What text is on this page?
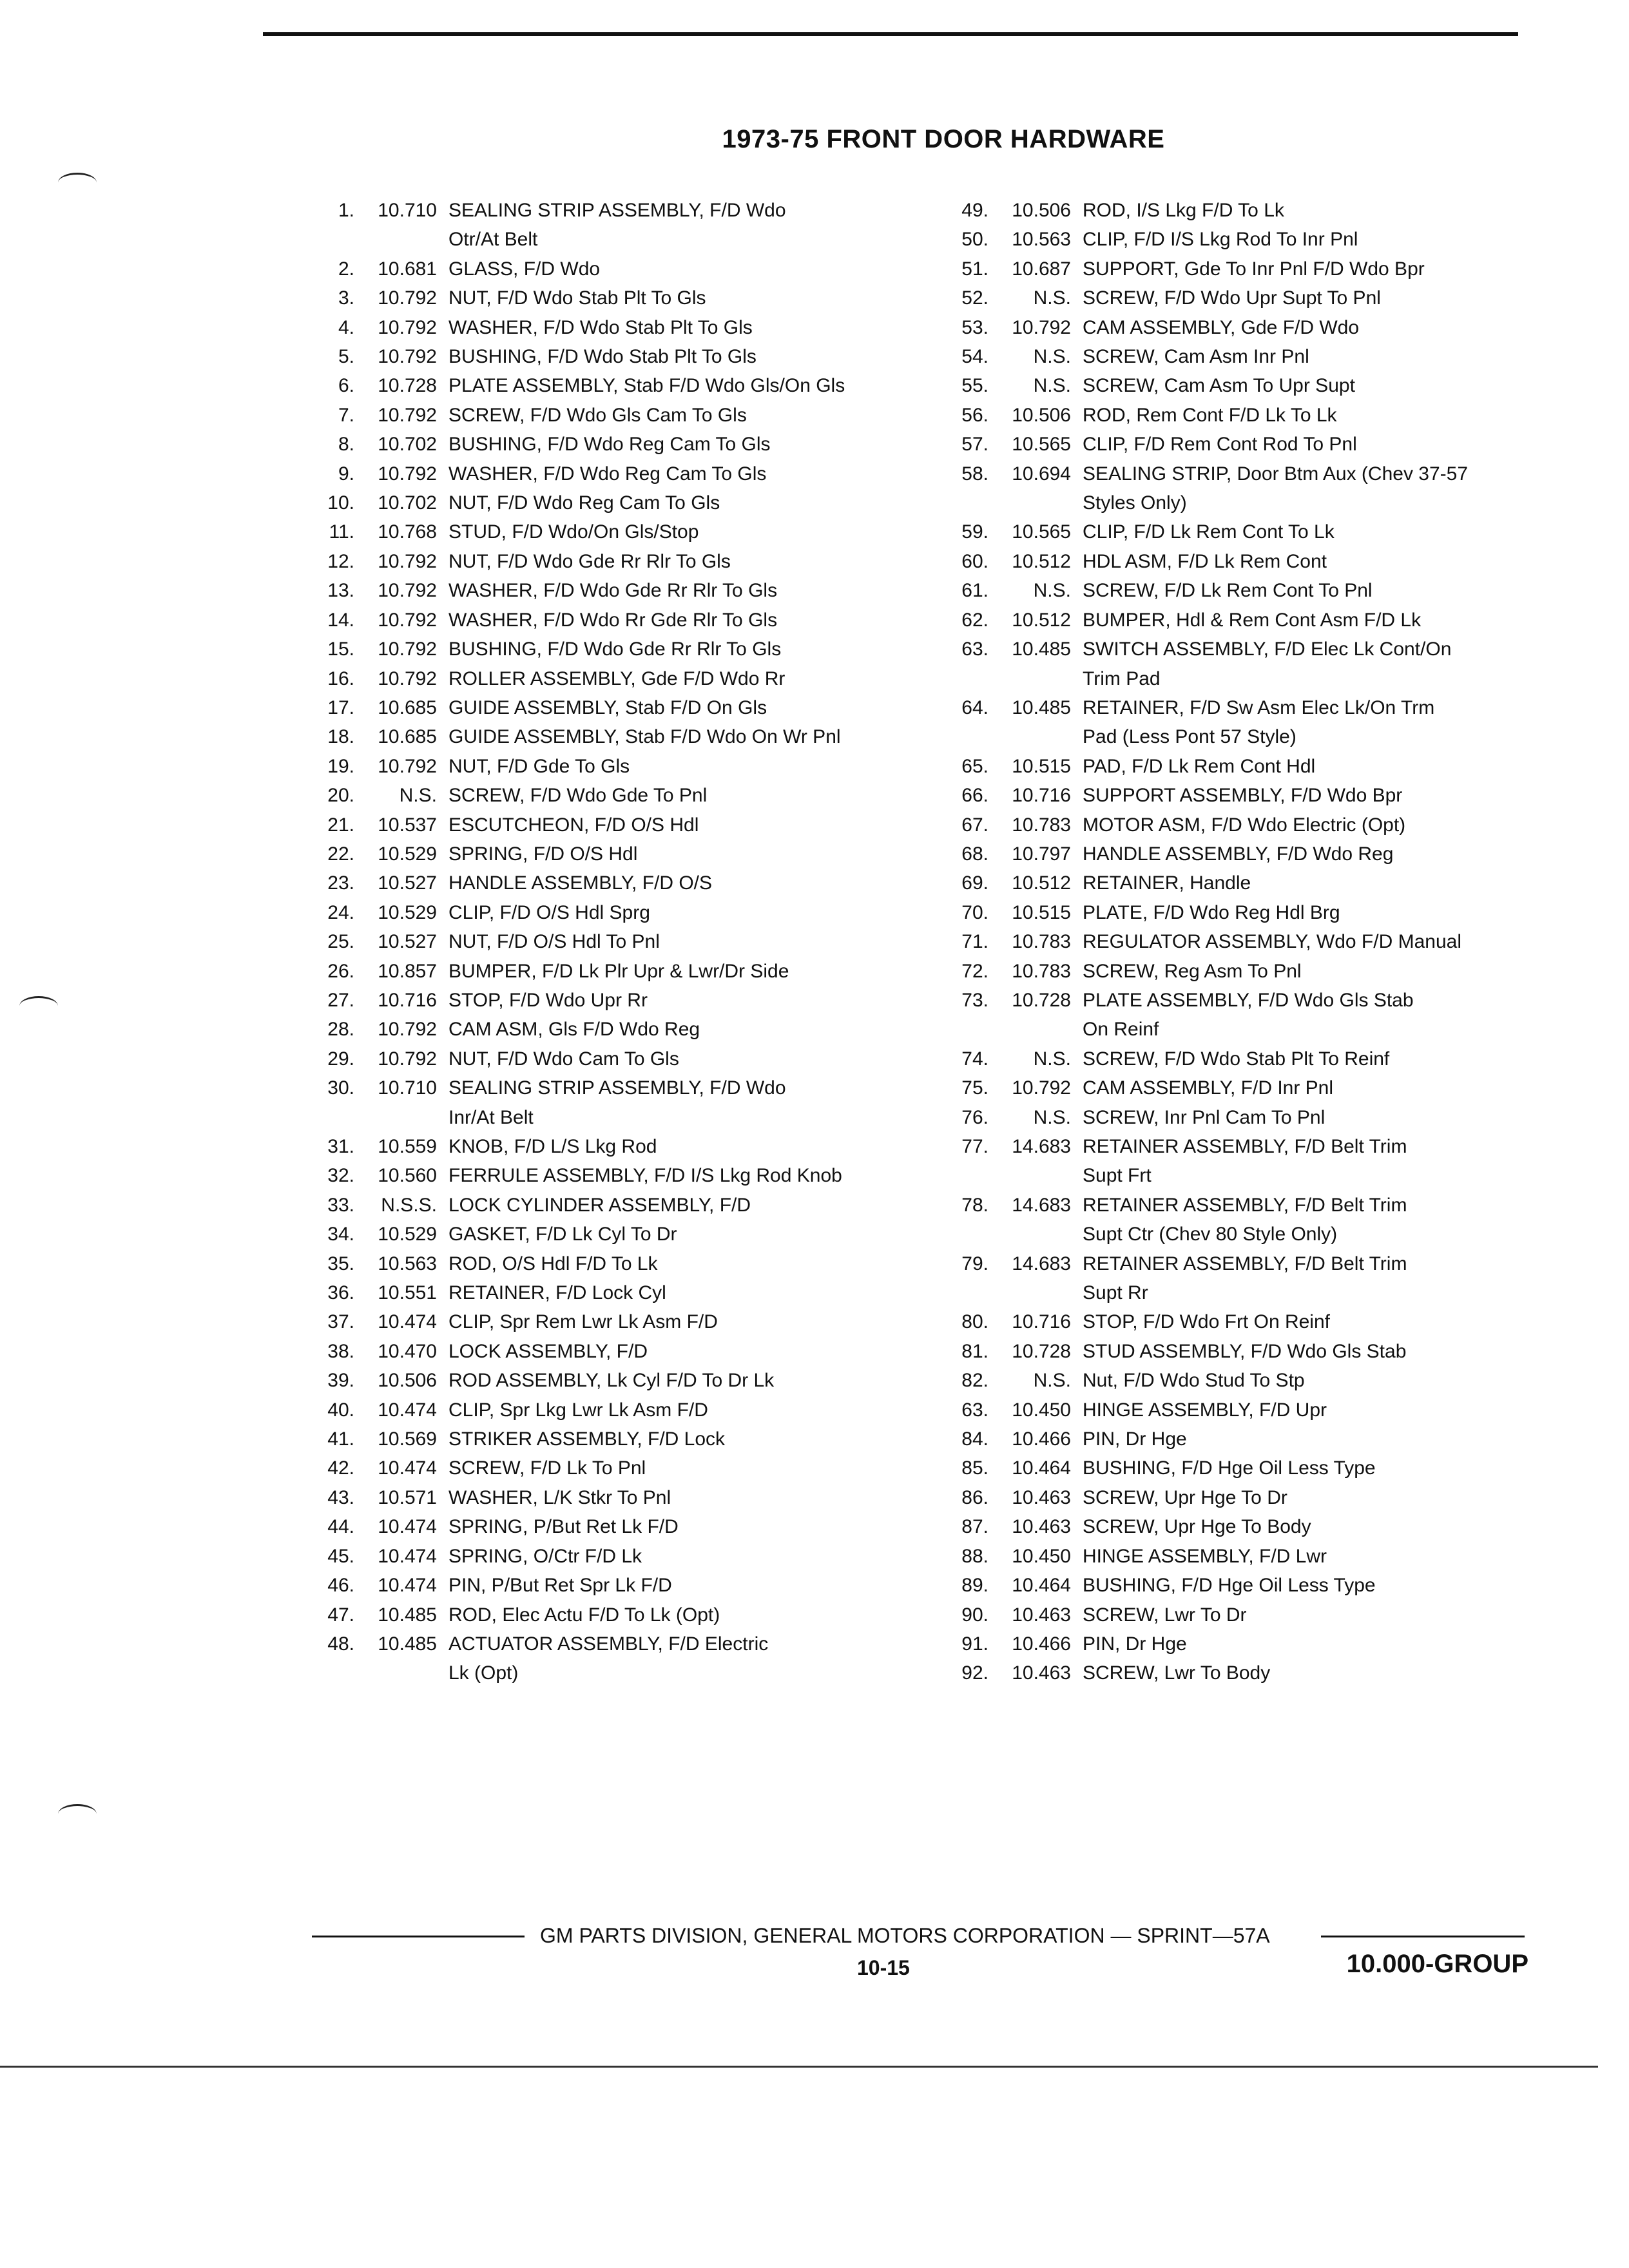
1973-75 FRONT DOOR HARDWARE
1.	10.710 SEALING STRIP ASSEMBLY, F/D Wdo
Otr/At Belt
2.	10.681 GLASS, F/D Wdo
3.	10.792 NUT, F/D Wdo Stab Plt To Gls
4.	10.792 WASHER, F/D Wdo Stab Plt To Gls
5.	10.792 BUSHING, F/D Wdo Stab Plt To Gls
6.	10.728 PLATE ASSEMBLY, Stab F/D Wdo Gls/On Gls
7.	10.792 SCREW, F/D Wdo Gls Cam To Gls
8.	10.702 BUSHING, F/D Wdo Reg Cam To Gls
9.	10.792 WASHER, F/D Wdo Reg Cam To Gls
10.	10.702 NUT, F/D Wdo Reg Cam To Gls
11.	10.768 STUD, F/D Wdo/On Gls/Stop
12.	10.792 NUT, F/D Wdo Gde Rr Rlr To Gls
13.	10.792 WASHER, F/D Wdo Gde Rr Rlr To Gls
14.	10.792 WASHER, F/D Wdo Rr Gde Rlr To Gls
15.	10.792 BUSHING, F/D Wdo Gde Rr Rlr To Gls
16.	10.792 ROLLER ASSEMBLY, Gde F/D Wdo Rr
17.	10.685 GUIDE ASSEMBLY, Stab F/D On Gls
18.	10.685 GUIDE ASSEMBLY, Stab F/D Wdo On Wr Pnl
19.	10.792 NUT, F/D Gde To Gls
20.	N.S. SCREW, F/D Wdo Gde To Pnl
21.	10.537 ESCUTCHEON, F/D O/S Hdl
22.	10.529 SPRING, F/D O/S Hdl
23.	10.527 HANDLE ASSEMBLY, F/D O/S
24.	10.529 CLIP, F/D O/S Hdl Sprg
25.	10.527 NUT, F/D O/S Hdl To Pnl
26.	10.857 BUMPER, F/D Lk Plr Upr & Lwr/Dr Side
27.	10.716 STOP, F/D Wdo Upr Rr
28.	10.792 CAM ASM, Gls F/D Wdo Reg
29.	10.792 NUT, F/D Wdo Cam To Gls
30.	10.710 SEALING STRIP ASSEMBLY, F/D Wdo
Inr/At Belt
31.	10.559 KNOB, F/D L/S Lkg Rod
32.	10.560 FERRULE ASSEMBLY, F/D I/S Lkg Rod Knob
33.	N.S.S. LOCK CYLINDER ASSEMBLY, F/D
34.	10.529 GASKET, F/D Lk Cyl To Dr
35.	10.563 ROD, O/S Hdl F/D To Lk
36.	10.551 RETAINER, F/D Lock Cyl
37.	10.474 CLIP, Spr Rem Lwr Lk Asm F/D
38.	10.470 LOCK ASSEMBLY, F/D
39.	10.506 ROD ASSEMBLY, Lk Cyl F/D To Dr Lk
40.	10.474 CLIP, Spr Lkg Lwr Lk Asm F/D
41.	10.569 STRIKER ASSEMBLY, F/D Lock
42.	10.474 SCREW, F/D Lk To Pnl
43.	10.571 WASHER, L/K Stkr To Pnl
44.	10.474 SPRING, P/But Ret Lk F/D
45.	10.474 SPRING, O/Ctr F/D Lk
46.	10.474 PIN, P/But Ret Spr Lk F/D
47.	10.485 ROD, Elec Actu F/D To Lk (Opt)
48.	10.485 ACTUATOR ASSEMBLY, F/D Electric
Lk (Opt)
49.	10.506 ROD, I/S Lkg F/D To Lk
50.	10.563 CLIP, F/D I/S Lkg Rod To Inr Pnl
51.	10.687 SUPPORT, Gde To Inr Pnl F/D Wdo Bpr
52.	N.S. SCREW, F/D Wdo Upr Supt To Pnl
53.	10.792 CAM ASSEMBLY, Gde F/D Wdo
54.	N.S. SCREW, Cam Asm Inr Pnl
55.	N.S. SCREW, Cam Asm To Upr Supt
56.	10.506 ROD, Rem Cont F/D Lk To Lk
57.	10.565 CLIP, F/D Rem Cont Rod To Pnl
58.	10.694 SEALING STRIP, Door Btm Aux (Chev 37-57
Styles Only)
59.	10.565 CLIP, F/D Lk Rem Cont To Lk
60.	10.512 HDL ASM, F/D Lk Rem Cont
61.	N.S. SCREW, F/D Lk Rem Cont To Pnl
62.	10.512 BUMPER, Hdl & Rem Cont Asm F/D Lk
63.	10.485 SWITCH ASSEMBLY, F/D Elec Lk Cont/On
Trim Pad
64.	10.485 RETAINER, F/D Sw Asm Elec Lk/On Trm
Pad (Less Pont 57 Style)
65.	10.515 PAD, F/D Lk Rem Cont Hdl
66.	10.716 SUPPORT ASSEMBLY, F/D Wdo Bpr
67.	10.783 MOTOR ASM, F/D Wdo Electric (Opt)
68.	10.797 HANDLE ASSEMBLY, F/D Wdo Reg
69.	10.512 RETAINER, Handle
70.	10.515 PLATE, F/D Wdo Reg Hdl Brg
71.	10.783 REGULATOR ASSEMBLY, Wdo F/D Manual
72.	10.783 SCREW, Reg Asm To Pnl
73.	10.728 PLATE ASSEMBLY, F/D Wdo Gls Stab
On Reinf
74.	N.S. SCREW, F/D Wdo Stab Plt To Reinf
75.	10.792 CAM ASSEMBLY, F/D Inr Pnl
76.	N.S. SCREW, Inr Pnl Cam To Pnl
77.	14.683 RETAINER ASSEMBLY, F/D Belt Trim
Supt Frt
78.	14.683 RETAINER ASSEMBLY, F/D Belt Trim
Supt Ctr (Chev 80 Style Only)
79.	14.683 RETAINER ASSEMBLY, F/D Belt Trim
Supt Rr
80.	10.716 STOP, F/D Wdo Frt On Reinf
81.	10.728 STUD ASSEMBLY, F/D Wdo Gls Stab
82.	N.S. Nut, F/D Wdo Stud To Stp
63.	10.450 HINGE ASSEMBLY, F/D Upr
84.	10.466 PIN, Dr Hge
85.	10.464 BUSHING, F/D Hge Oil Less Type
86.	10.463 SCREW, Upr Hge To Dr
87.	10.463 SCREW, Upr Hge To Body
88.	10.450 HINGE ASSEMBLY, F/D Lwr
89.	10.464 BUSHING, F/D Hge Oil Less Type
90.	10.463 SCREW, Lwr To Dr
91.	10.466 PIN, Dr Hge
92.	10.463 SCREW, Lwr To Body
GM PARTS DIVISION, GENERAL MOTORS CORPORATION — SPRINT—57A
10-15	10.000-GROUP
